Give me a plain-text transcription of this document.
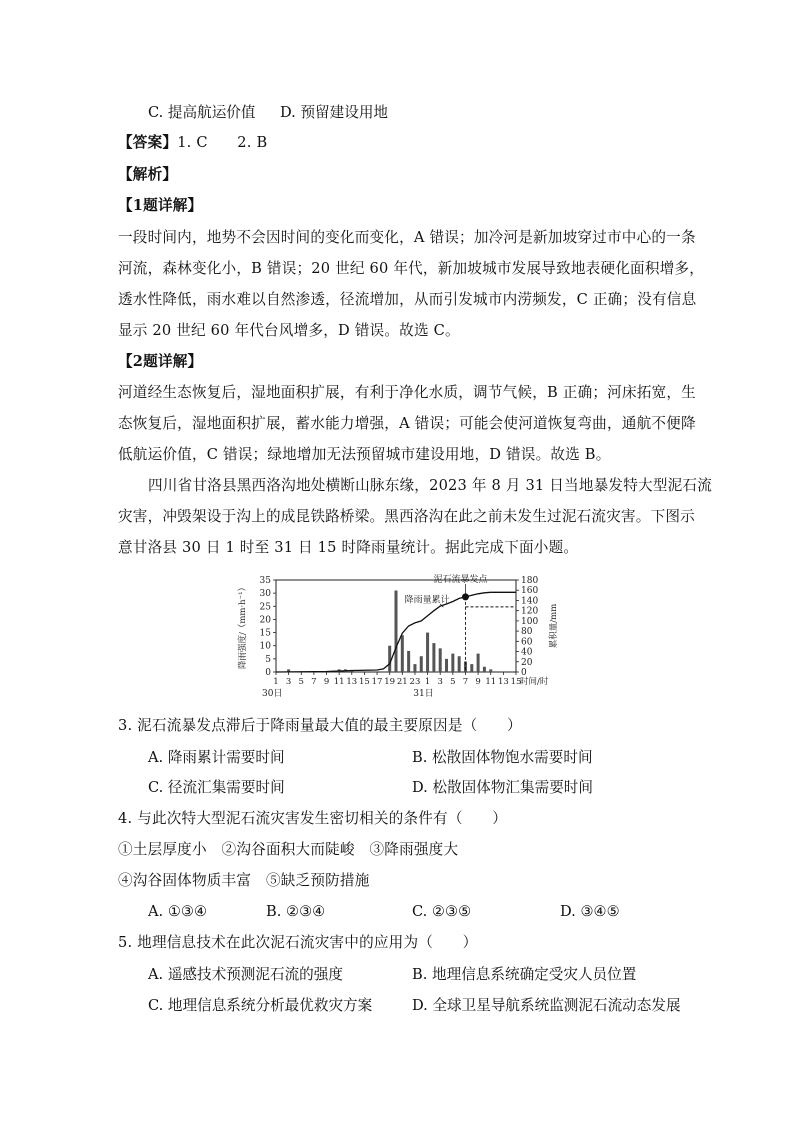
C. 提高航运价值 D. 预留建设用地
【答案】1. C　　2. B
【解析】
【1题详解】
一段时间内，地势不会因时间的变化而变化，A 错误；加冷河是新加坡穿过市中心的一条
河流，森林变化小，B 错误；20 世纪 60 年代，新加坡城市发展导致地表硬化面积增多，
透水性降低，雨水难以自然渗透，径流增加，从而引发城市内涝频发，C 正确；没有信息
显示 20 世纪 60 年代台风增多，D 错误。故选 C。
【2题详解】
河道经生态恢复后，湿地面积扩展，有利于净化水质，调节气候，B 正确；河床拓宽，生
态恢复后，湿地面积扩展，蓄水能力增强，A 错误；可能会使河道恢复弯曲，通航不便降
低航运价值，C 错误；绿地增加无法预留城市建设用地，D 错误。故选 B。
四川省甘洛县黑西洛沟地处横断山脉东缘，2023 年 8 月 31 日当地暴发特大型泥石流
灾害，冲毁架设于沟上的成昆铁路桥梁。黑西洛沟在此之前未发生过泥石流灾害。下图示
意甘洛县 30 日 1 时至 31 日 15 时降雨量统计。据此完成下面小题。
0
5
10
15
20
25
30
35
0
20
40
60
80
100
120
140
160
180
1 3 5 7 9 11 13 15 17 19 21 23 1 3 5 7 9 11 13 15
时间/时
30日	31日
降雨强度/（mm·h⁻¹）	累积量/mm
泥石流暴发点
降雨量累计
3. 泥石流暴发点滞后于降雨量最大值的最主要原因是（　　）
A. 降雨累计需要时间	B. 松散固体物饱水需要时间
C. 径流汇集需要时间	D. 松散固体物汇集需要时间
4. 与此次特大型泥石流灾害发生密切相关的条件有（　　）
①土层厚度小　②沟谷面积大而陡峻　③降雨强度大
④沟谷固体物质丰富　⑤缺乏预防措施
A. ①③④	B. ②③④	C. ②③⑤	D. ③④⑤
5. 地理信息技术在此次泥石流灾害中的应用为（　　）
A. 遥感技术预测泥石流的强度	B. 地理信息系统确定受灾人员位置
C. 地理信息系统分析最优救灾方案	D. 全球卫星导航系统监测泥石流动态发展
